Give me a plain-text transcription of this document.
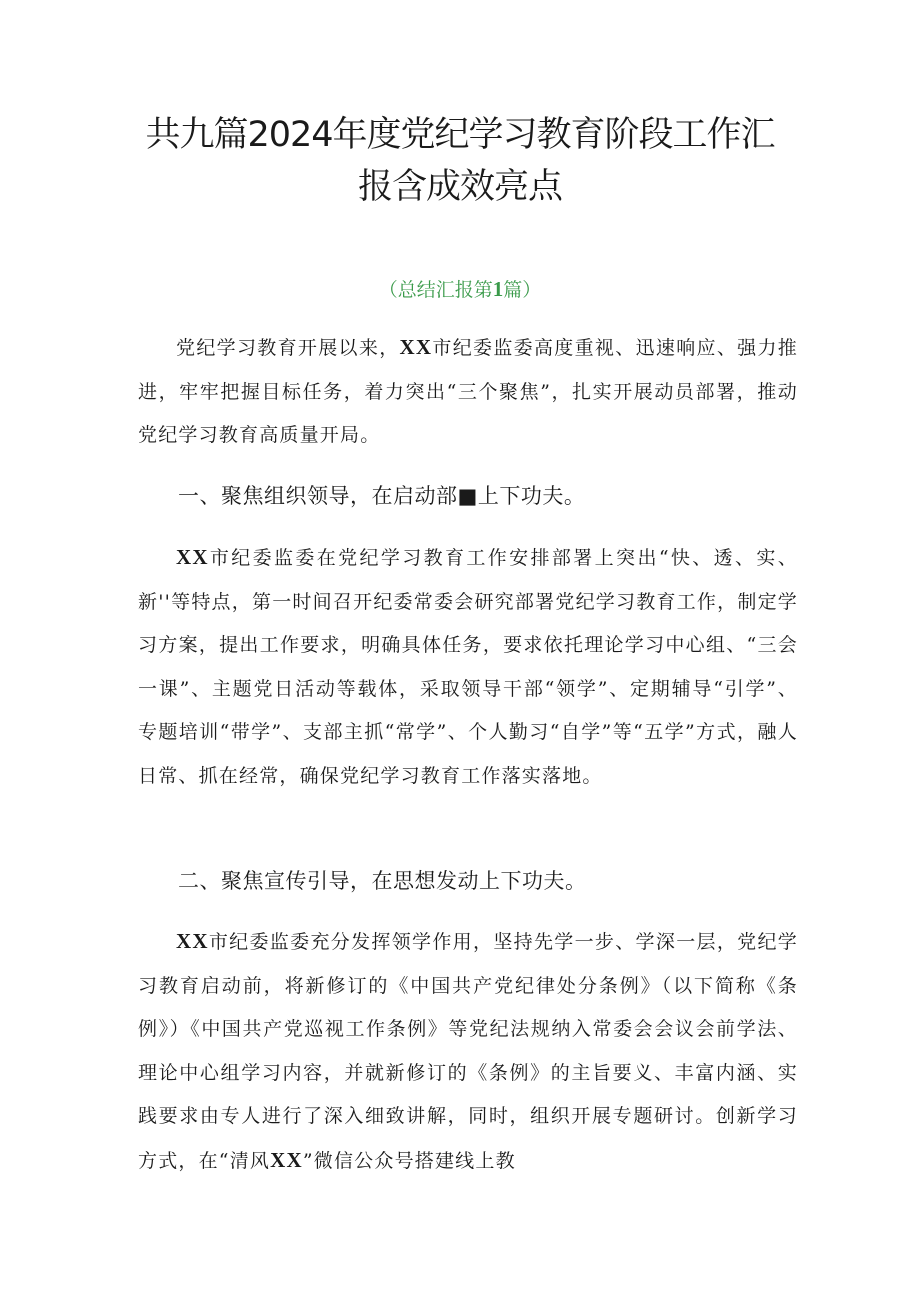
共九篇2024年度党纪学习教育阶段工作汇
报含成效亮点
（总结汇报第1篇）

党纪学习教育开展以来，XX市纪委监委高度重视、迅速响应、强力推进，牢牢把握目标任务，着力突出“三个聚焦”，扎实开展动员部署，推动党纪学习教育高质量开局。

一、聚焦组织领导，在启动部■上下功夫。

XX市纪委监委在党纪学习教育工作安排部署上突出“快、透、实、新''等特点，第一时间召开纪委常委会研究部署党纪学习教育工作，制定学习方案，提出工作要求，明确具体任务，要求依托理论学习中心组、“三会一课”、主题党日活动等载体，采取领导干部“领学”、定期辅导“引学”、专题培训“带学”、支部主抓“常学”、个人勤习“自学”等“五学”方式，融人日常、抓在经常，确保党纪学习教育工作落实落地。

二、聚焦宣传引导，在思想发动上下功夫。

XX市纪委监委充分发挥领学作用，坚持先学一步、学深一层，党纪学习教育启动前，将新修订的《中国共产党纪律处分条例》（以下简称《条例》）《中国共产党巡视工作条例》等党纪法规纳入常委会会议会前学法、理论中心组学习内容，并就新修订的《条例》的主旨要义、丰富内涵、实践要求由专人进行了深入细致讲解，同时，组织开展专题研讨。创新学习方式，在“清风XX”微信公众号搭建线上教
